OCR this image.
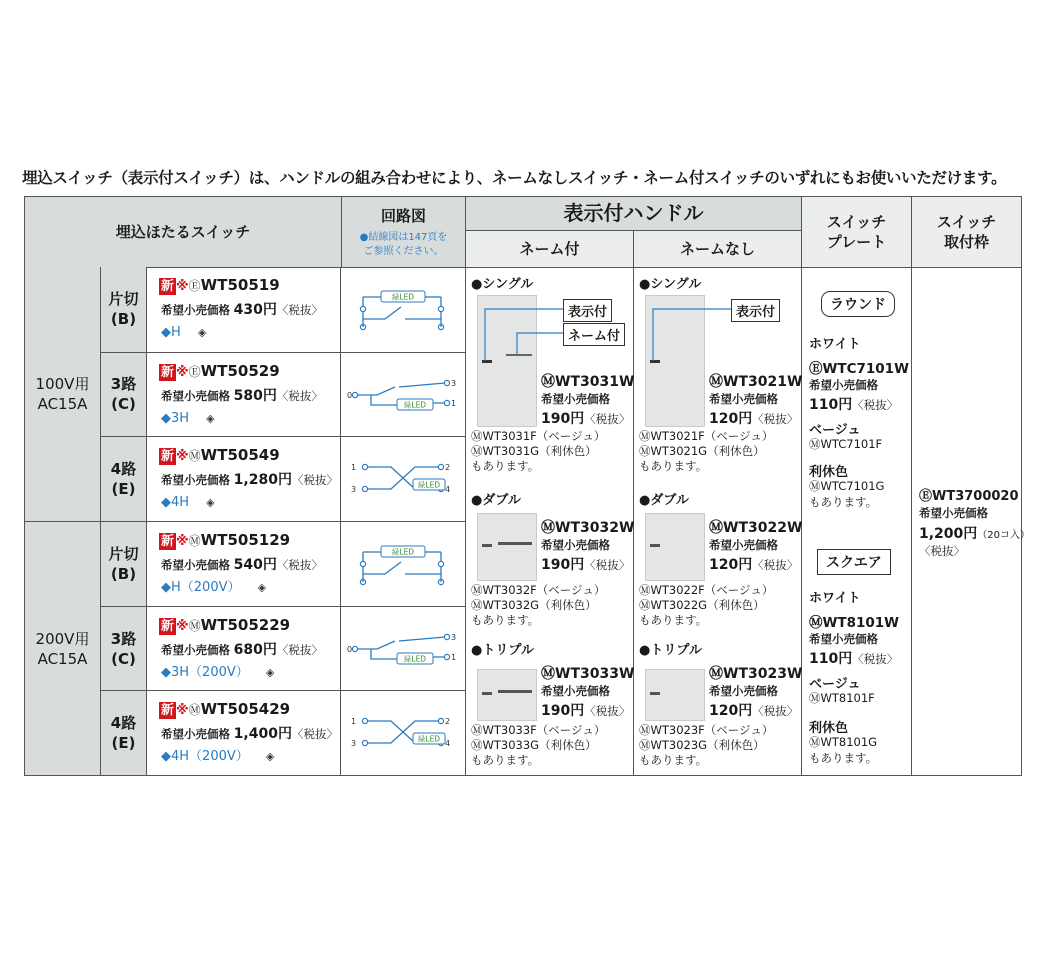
埋込スイッチ（表示付スイッチ）は、ハンドルの組み合わせにより、ネームなしスイッチ・ネーム付スイッチのいずれにもお使いいただけます。
埋込ほたるスイッチ
回路図
●結線図は147頁を
ご参照ください。
表示付ハンドル
ネーム付	ネームなし
スイッチ
プレート
スイッチ
取付枠
100V用
AC15A
200V用
AC15A
片切
(B)
新 ※ⒺWT50519
希望小売価格 430円〈税抜〉
◆H ◈
緑LED
3路
(C)
新 ※ⒺWT50529
希望小売価格 580円〈税抜〉
◆3H ◈
緑LED
0
3
1
4路
(E)
新 ※ⓂWT50549
希望小売価格 1,280円〈税抜〉
◆4H ◈
緑LED
1
3
2
4
片切
(B)
新 ※ⓂWT505129
希望小売価格 540円〈税抜〉
◆H（200V） ◈
緑LED
3路
(C)
新 ※ⓂWT505229
希望小売価格 680円〈税抜〉
◆3H（200V） ◈
緑LED
0
3
1
4路
(E)
新 ※ⓂWT505429
希望小売価格 1,400円〈税抜〉
◆4H（200V） ◈
緑LED
1
3
2
4
●シングル
表示付
ネーム付
ⓂWT3031W
希望小売価格
190円〈税抜〉
ⓂWT3031F（ベージュ）
ⓂWT3031G（利休色）
もあります。
●ダブル
ⓂWT3032W
希望小売価格
190円〈税抜〉
ⓂWT3032F（ベージュ）
ⓂWT3032G（利休色）
もあります。
●トリプル
ⓂWT3033W
希望小売価格
190円〈税抜〉
ⓂWT3033F（ベージュ）
ⓂWT3033G（利休色）
もあります。
●シングル
表示付
ⓂWT3021W
希望小売価格
120円〈税抜〉
ⓂWT3021F（ベージュ）
ⓂWT3021G（利休色）
もあります。
●ダブル
ⓂWT3022W
希望小売価格
120円〈税抜〉
ⓂWT3022F（ベージュ）
ⓂWT3022G（利休色）
もあります。
●トリプル
ⓂWT3023W
希望小売価格
120円〈税抜〉
ⓂWT3023F（ベージュ）
ⓂWT3023G（利休色）
もあります。
ラウンド
ホワイト
ⒺWTC7101W
希望小売価格
110円〈税抜〉
ベージュ
ⓂWTC7101F
利休色
ⓂWTC7101G
もあります。
スクエア
ホワイト
ⓂWT8101W
希望小売価格
110円〈税抜〉
ベージュ
ⓂWT8101F
利休色
ⓂWT8101G
もあります。
ⒺWT3700020
希望小売価格
1,200円（20コ入）
〈税抜〉
